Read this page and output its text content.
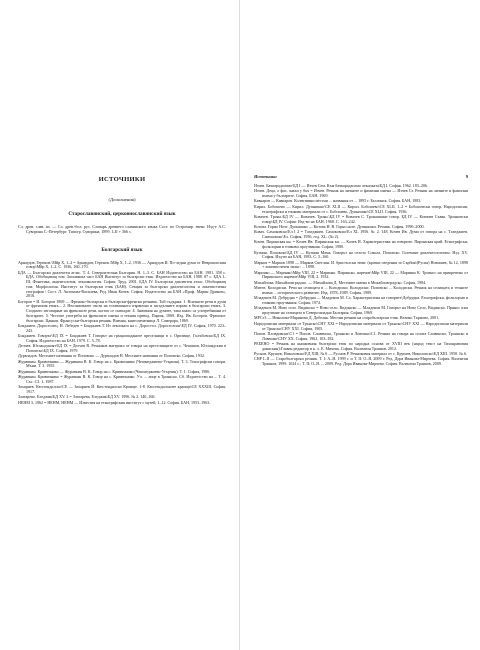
ИСТОЧНИКИ
(Дополнения)
Старославянский, церковнославянский язык

Сл. древ. слав. яз. — Сл. древ.-бол. рус. Словарь древнего славянского языка Сост. по Остромир. евенг. Изд-е А.С. Суворина С.-Петербург. Типогр. Суворина, 1899. I–II + 366 с.

Болгарский язык

Арнаудов. Геренов.\Мйр Х, 1–2 = Арнаудов, Геренов.\Мйр Х, 1–2, 1936 — Арнаудов И. По-ледни думи от Неврокопския говор\Мйр Х, 1–2, С. 1936, 160–170.

БДА — Български диалектен атлас. Т. 4. Североизточна България. Н. 1–3. С. БАН Издателство на БАН, 1981. 358 с. БДА. Обобщаващ том: Заглавната част БАН Институт за български език. Издателство на БАН, 1988. 87 с. БДА I–III. Фонетика, акцентология, лексикология. София: Труд, 2001. БДА IV. Български диалектен атлас. Обобщаващ том: Морфология. Институт за български език (БАН). Секция за български диалектология и лингвистична география / Сост. Л. Антонова-Василева, Ред. Иван Кочев. София. Издателство на БАН «Проф. Марин Дринов», 2016.

Богоров = И. Богоров 1869 — Френско-български и български-френски речникъ. Той съдържа: 1. Всичките речи и думи от френския езикъ... 2. Неозначените части на тогавашното първично и загадъчните изрази в български езикъ. 3. Сходното изговаряне на френските речи, когато се съвпадат. 4. Значения на думите, така както са употребявани от българите. 5. Честите употреби на френските имена и техния превод. Париж, 1869. Изд. Ив. Богоров. Френски-български. Цанков. Франсуски-български речник. Виенна, книгопечатница Л. Сомерара, 1869.

Бояджиев. Доростолец. Н. Лебедев = Бояджиев Т. Из лексиката на с. Доростол. Доростолски\ЕД IV. София, 1970. 223–243.

Бояджиев. Говорът\ЕД IX = Бояджиев Т. Говорът на гръцкопиданите преселници в с. Оризище, Гълъбовско\БД IX. София. Издателство на БАН, 1979. С. 5–78.

Делчев. Ютландският\БД IX = Делчев В. Речников материал от говора на преселниците от с. Чешанов, Ютландския в Поповско\БД IX. София, 1979.

Дурвладов. Местните названия от Поповско — Дурвладов Н. Местните названия от Поповско. София, 1932.

Журавкин. Кривичнико — Журавкин В. К. Говор на с. Кривичнико (Чешмеджиево-Угърчин). Т. 3. Топографски говори. Мъни. Т. 3. 1955.

Журавкин. Кривичнико — Журавкин В. К. Говор на с. Кривичнико (Чешмеджиево-Угърчин). Т. 1. София, 1986.

Журавкин. Кривичнико = Журавкин В. К. Говор на с. Кривичнико. Уч. ... лице в Троянско. Сб. Издателство на ... Т. 4. Със. СЗ. 1. 1987.

Захарнев. Кюстендилско\СЕ — Захарнев Й. Кюстендилско Краище. 1-8. Кюстендилските краища\СЕ XXXIII. София. 1917.

Златарева. Еледжик\БД XV. 2 = Златарева. Еледжик\БД XV. 1996. № 2. 140–160.

НЕНМ 3, 1962 = НЕНМ, НЕНМ — Известия на етнографския институт с музей, 1–12. София. БАН, 1953–1963.

Источники	9

Изчев. Бачкарадасимо\БД I — Изчев Сем. Към бачкарадасимо лексиката\БД I. София, 1962. 183–206.

Изчев. Деца, о фас, знахи у бъч = Изчев. Речник на личните и фамилни имена — Изчев Ст. Речник на личните и фамилни имена у българите. София. БАН, 1969.

Кавкаров — Кавкаров. Колективни местни ... названия от ... 1895 г. Бъзлинск. София. БАН, 1983.

Кирил. Бобошево — Кирил. Дупнишко\СЕ XLII — Кирил. Бобошево\СЕ XLII, 1–2 = Бобошевски говор, Народописни, етнографски и езикови материали от с. Бобошево, Дупнишко\СЕ XLII. София, 1936.

Ковачев. Троян.\БД IV — Ковачев. Троян.\БД IV = Ковачев С. Тронашкият говор. БД IV — Ковачев Съвак. Трояновски говор\БД IV. София: Изд-во на БАН, 1968. С. 163–242.

Котова. Горно Нозе. Дупнишко — Котова Н. В. Горно нозе. Дупнишки. Речник. София, 1990–2000.

Ковач. Самоковско\Ел I 2 = Тахеджиев. Самоковско\Ел XL 1956. № 2. 148. Кочев Ив. Думи от говора на с. Тахеджиев, Самоковско\Ел. София, 1956, год. XL. (№ 2).

Кочев. Пиринская кн. = Кочев Ив. Пиринская кн. — Кочев И. Характеристика на говорите. Пиринская край. Етнографски, фолклорни и езикови проучвания. София, 1980.

Кузмин. Поповско\БД IV — Кузмин Мама. Говорът на селото Сокола. Поповско. Големият диалектологичен. Изд. XV. София. Изд-во на БАН, 1983. С. 5–160.

Марков = Марков 1898 — Марков Светлин. И. бристълски земи: (кратки сведения за Сърбия\(Русия) Новишев, № 12, 1898 + лингвистичен запис: ... 1898.

Маринко — Маринко\Мйр VIII, 22 = Маринко. Пиринско, наречие\Мйр VIII, 22 — Маринко К. Тризнос на прикрепено от Пиринското наречие\Мйр VIII, 2. 1932.

Михайлова. Михайловградско. — Михайлова Д. Местните имена в Михайловградско. София, 1984.

Митев. Колодиски. Речи на селищата в ... Колодиски. Колодиски. Поповско ... Колодиски. Речник на селищата и техните имена ... историческото развитие. Изд. 1878–1989. София, 1989.

Младенов М. Добрудна = Добрудна — Младенов М. Сл. Характеристика на говорите\Добрудна. Етнографски, фолклорни и езикови проучвания. София, 1974.

Младенов М. Ново село. Видинско = Ново село. Видинско — Младенов М. Говорът на Ново Село, Видинско. Принос към проучване на селищата в Северозападна България. София, 1969.

МРСт3 — Николова-Маринова Д. Добеляк. Местни речник на старобългарски език. Велико Търново, 2001.

Народописни материали от Трънско\СНУ XXI = Народописни материали от Трънско\СНУ XXI — Народописни материали от Трънско\СНУ XXI. София, 1905.

Попов. Пловдивски\С1 = Попов. Сливенско, Троянско и Ловешко\С1. Речник на говора на селата Сливенско, Троянско и Ловешко\СНУ XX. София, 1962. 103–182.

РЕБЕНО = Речник на книжовния български език по народна основа от XVIII век (народ текст на Тихонравовия дамаскин)\Главен редактор и к. л. Е. Мичева. София. Валентин Траянов, 2012.

Руснов. Крушев, Николовско\ЕД XIII, № 6 — Руснов Р. Речниковия материал от с. Крушев, Николовско\ЕД XIII. 1958. № 6.

СНР I–II — Старобългарски речник. Т. I: А–Н. 1999 г. и Т. II: О–Я. 2009 г. Ред. Дора Иванова-Мирчева. София. Валентин Траянов, 1999. 1024 с.; Т. II: О–Я. ... 2009. Ред. Дора Иванова-Мирчева. София. Валентин Траянов, 2009.
